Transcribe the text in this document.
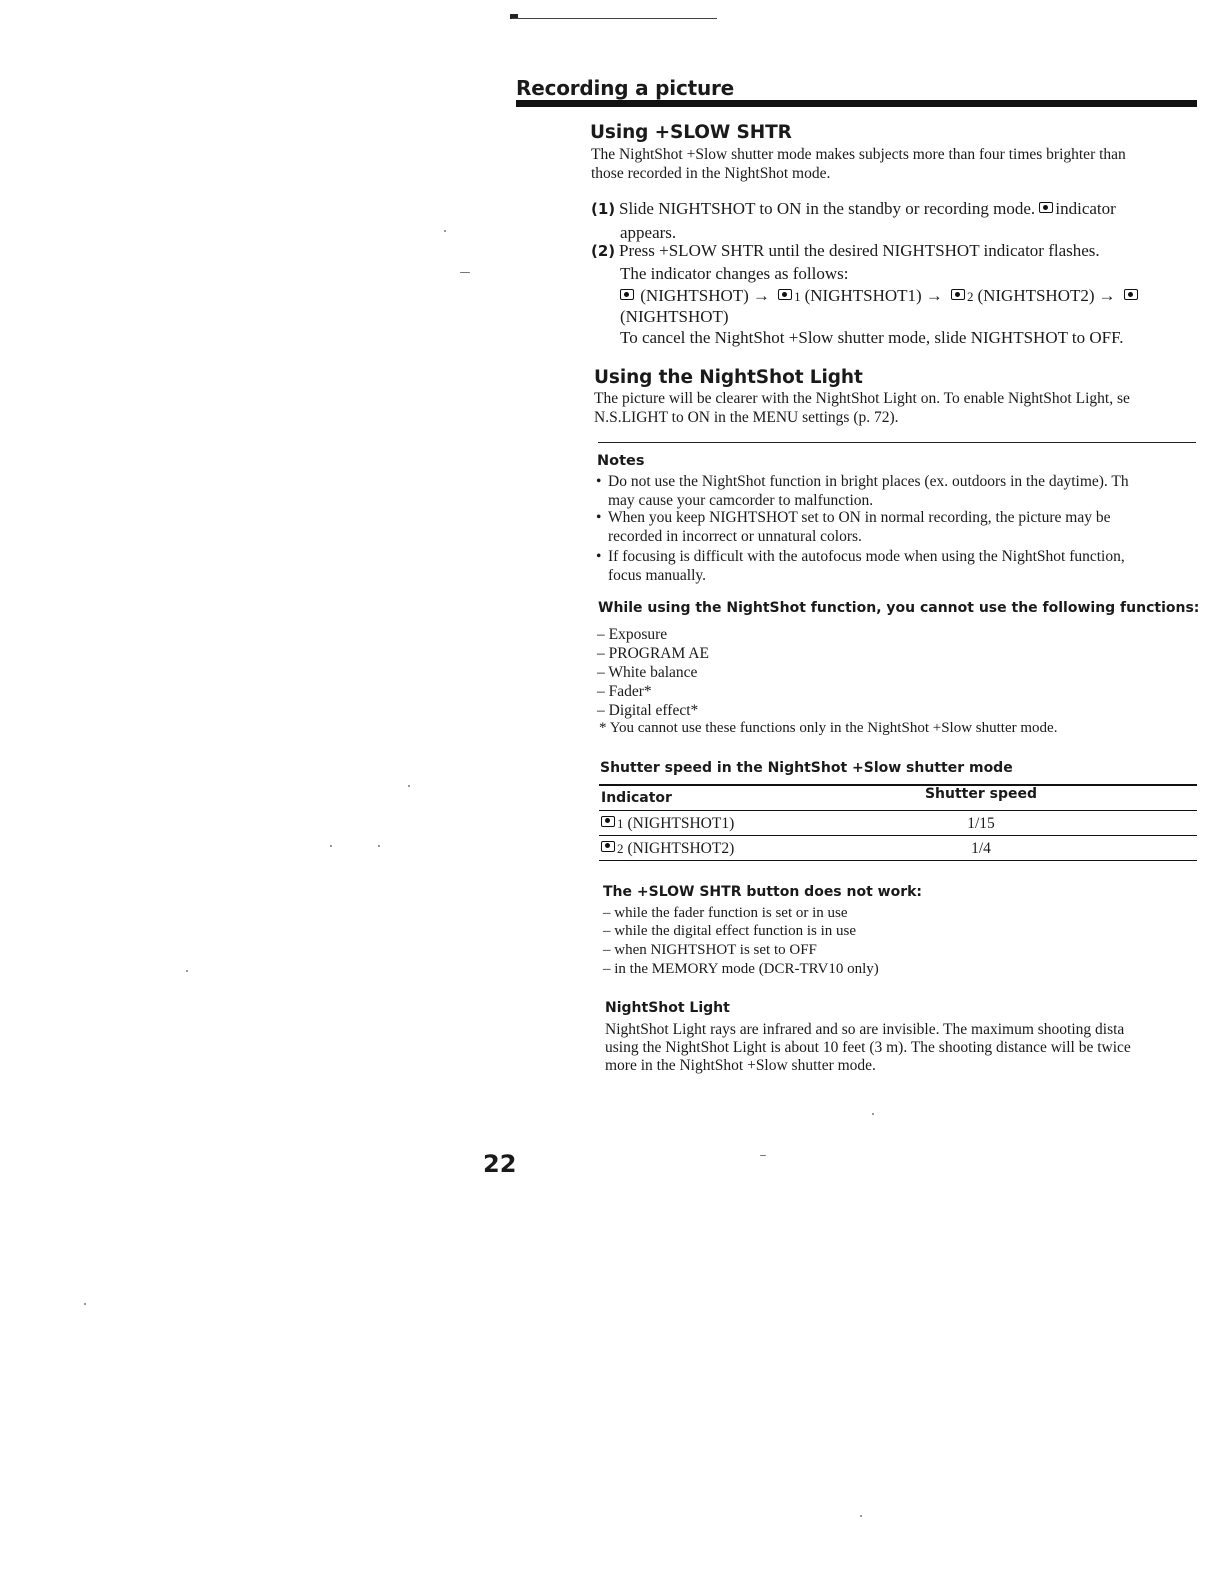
Recording a picture
Using +SLOW SHTR
The NightShot +Slow shutter mode makes subjects more than four times brighter than
those recorded in the NightShot mode.
(1) Slide NIGHTSHOT to ON in the standby or recording mode. indicator
appears.
(2) Press +SLOW SHTR until the desired NIGHTSHOT indicator flashes.
The indicator changes as follows:
(NIGHTSHOT) → 1 (NIGHTSHOT1) → 2 (NIGHTSHOT2) →
(NIGHTSHOT)
To cancel the NightShot +Slow shutter mode, slide NIGHTSHOT to OFF.
Using the NightShot Light
The picture will be clearer with the NightShot Light on. To enable NightShot Light, se
N.S.LIGHT to ON in the MENU settings (p. 72).
Notes
• Do not use the NightShot function in bright places (ex. outdoors in the daytime). Th
may cause your camcorder to malfunction.
• When you keep NIGHTSHOT set to ON in normal recording, the picture may be
recorded in incorrect or unnatural colors.
• If focusing is difficult with the autofocus mode when using the NightShot function,
focus manually.
While using the NightShot function, you cannot use the following functions:
– Exposure
– PROGRAM AE
– White balance
– Fader*
– Digital effect*
* You cannot use these functions only in the NightShot +Slow shutter mode.
Shutter speed in the NightShot +Slow shutter mode
Indicator	Shutter speed
1 (NIGHTSHOT1)	1/15
2 (NIGHTSHOT2)	1/4
The +SLOW SHTR button does not work:
– while the fader function is set or in use
– while the digital effect function is in use
– when NIGHTSHOT is set to OFF
– in the MEMORY mode (DCR-TRV10 only)
NightShot Light
NightShot Light rays are infrared and so are invisible. The maximum shooting dista
using the NightShot Light is about 10 feet (3 m). The shooting distance will be twice
more in the NightShot +Slow shutter mode.
22
